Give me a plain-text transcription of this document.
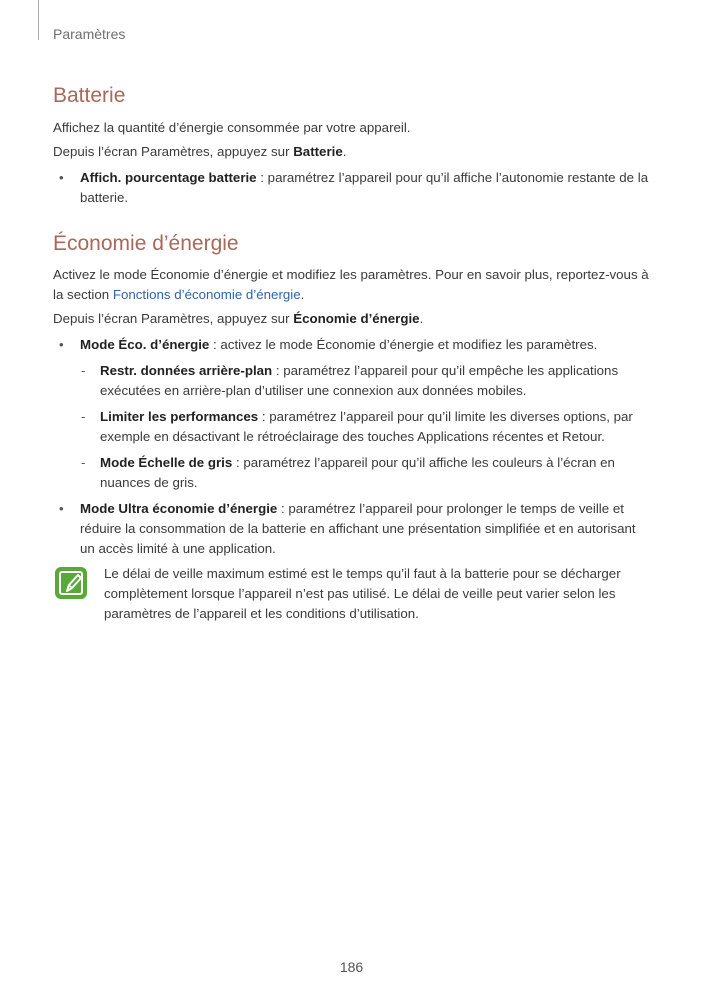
Paramètres
Batterie

Affichez la quantité d’énergie consommée par votre appareil.

Depuis l’écran Paramètres, appuyez sur Batterie.

• Affich. pourcentage batterie : paramétrez l’appareil pour qu’il affiche l’autonomie restante de la batterie.
Économie d’énergie

Activez le mode Économie d’énergie et modifiez les paramètres. Pour en savoir plus, reportez-vous à la section Fonctions d’économie d’énergie.

Depuis l’écran Paramètres, appuyez sur Économie d’énergie.

• Mode Éco. d’énergie : activez le mode Économie d’énergie et modifiez les paramètres.
- Restr. données arrière-plan : paramétrez l’appareil pour qu’il empêche les applications exécutées en arrière-plan d’utiliser une connexion aux données mobiles.
- Limiter les performances : paramétrez l’appareil pour qu’il limite les diverses options, par exemple en désactivant le rétroéclairage des touches Applications récentes et Retour.
- Mode Échelle de gris : paramétrez l’appareil pour qu’il affiche les couleurs à l’écran en nuances de gris.
• Mode Ultra économie d’énergie : paramétrez l’appareil pour prolonger le temps de veille et réduire la consommation de la batterie en affichant une présentation simplifiée et en autorisant un accès limité à une application.
Le délai de veille maximum estimé est le temps qu’il faut à la batterie pour se décharger complètement lorsque l’appareil n’est pas utilisé. Le délai de veille peut varier selon les paramètres de l’appareil et les conditions d’utilisation.
186
